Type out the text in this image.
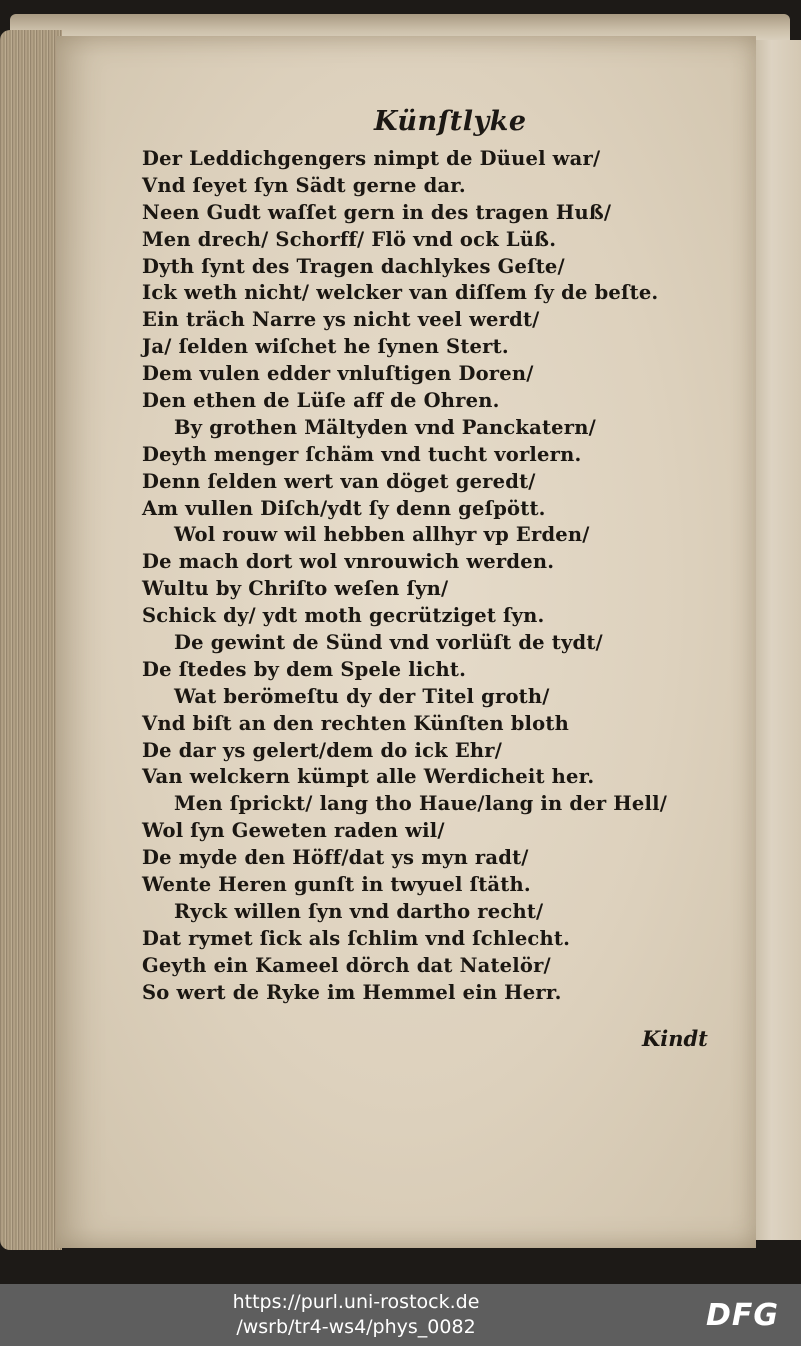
Künſtlyke
Der Leddichgengers nimpt de Düuel war/
Vnd ſeyet ſyn Sädt gerne dar.
Neen Gudt waſſet gern in des tragen Huß/
Men drech/ Schorff/ Flö vnd ock Lüß.
Dyth ſynt des Tragen dachlykes Geſte/
Ick weth nicht/ welcker van diſſem ſy de beſte.
Ein träch Narre ys nicht veel werdt/
Ja/ ſelden wiſchet he ſynen Stert.
Dem vulen edder vnluſtigen Doren/
Den ethen de Lüſe aff de Ohren.
By grothen Mältyden vnd Panckatern/
Deyth menger ſchäm vnd tucht vorlern.
Denn ſelden wert van döget geredt/
Am vullen Diſch/ydt ſy denn geſpött.
Wol rouw wil hebben allhyr vp Erden/
De mach dort wol vnrouwich werden.
Wultu by Chriſto weſen ſyn/
Schick dy/ ydt moth gecrützigеt ſyn.
De gewint de Sünd vnd vorlüſt de tydt/
De ſtedes by dem Spele licht.
Wat berömeſtu dy der Titel groth/
Vnd biſt an den rechten Künſten bloth
De dar ys gelert/dem do ick Ehr/
Van welckern kümpt alle Werdicheit her.
Men ſprickt/ lang tho Haue/lang in der Hell/
Wol ſyn Geweten raden wil/
De myde den Höff/dat ys myn radt/
Wente Heren gunſt in twyuel ſtäth.
Ryck willen ſyn vnd dartho recht/
Dat rymet ſick als ſchlim vnd ſchlecht.
Geyth ein Kameel dörch dat Natelör/
So wert de Ryke im Hemmel ein Herr.
Kindt
https://purl.uni-rostock.de
/wsrb/tr4-ws4/phys_0082	DFG
